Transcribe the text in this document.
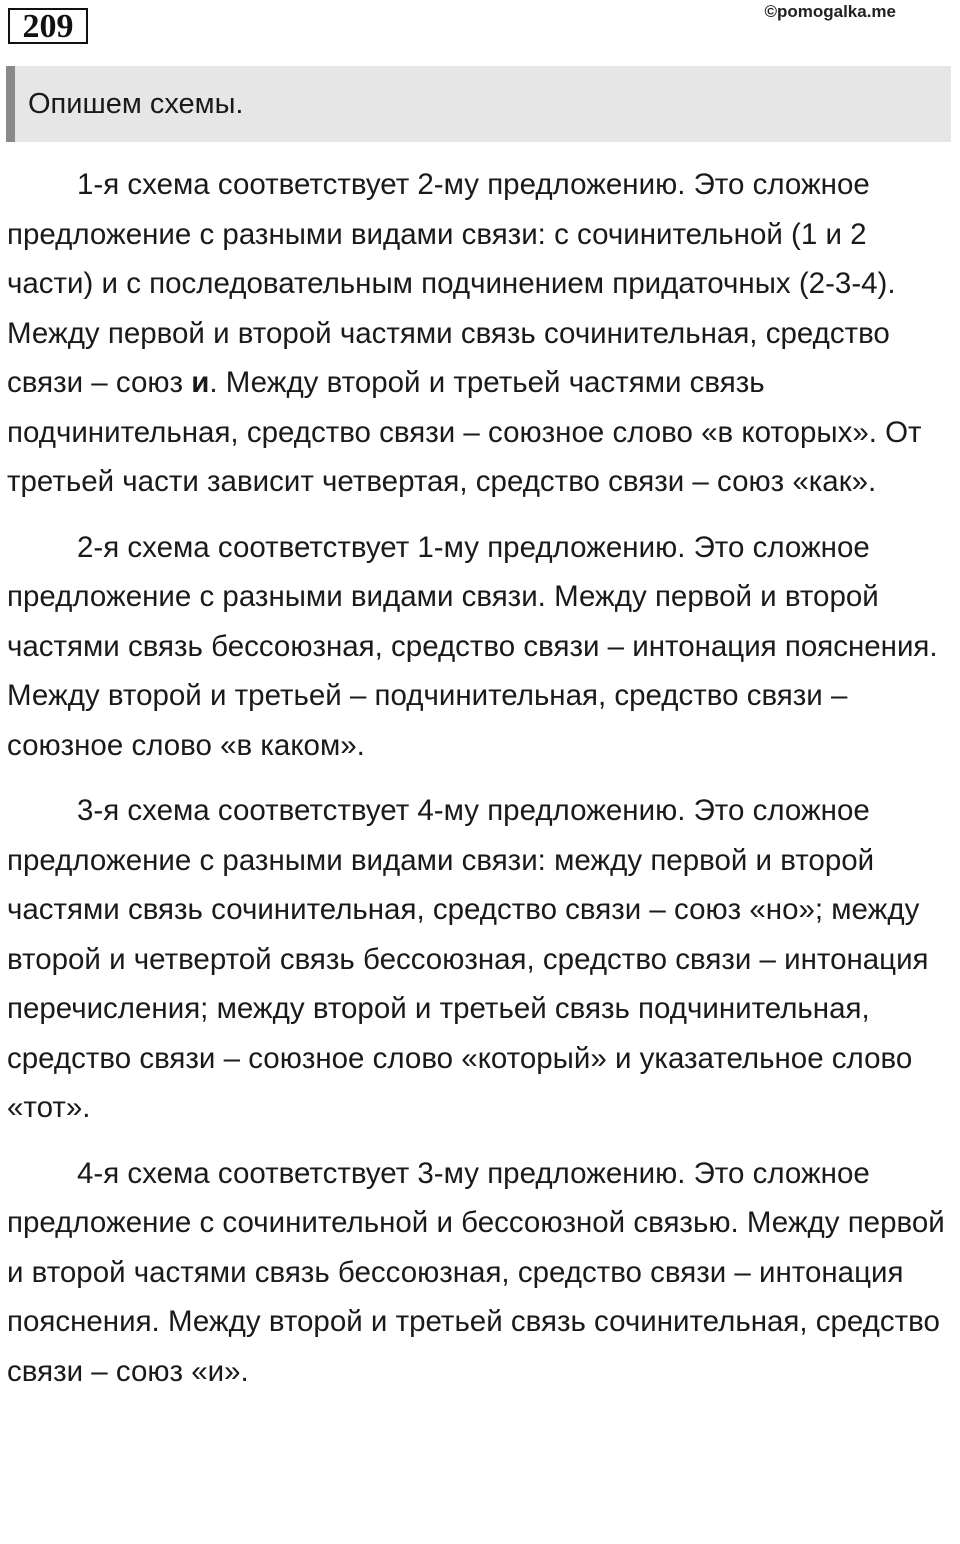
209	©pomogalka.me
Опишем схемы.

1-я схема соответствует 2-му предложению. Это сложное предложение с разными видами связи: с сочинительной (1 и 2 части) и с последовательным подчинением придаточных (2-3-4). Между первой и второй частями связь сочинительная, средство связи – союз и. Между второй и третьей частями связь подчинительная, средство связи – союзное слово «в которых». От третьей части зависит четвертая, средство связи – союз «как».

2-я схема соответствует 1-му предложению. Это сложное предложение с разными видами связи. Между первой и второй частями связь бессоюзная, средство связи – интонация пояснения. Между второй и третьей – подчинительная, средство связи – союзное слово «в каком».

3-я схема соответствует 4-му предложению. Это сложное предложение с разными видами связи: между первой и второй частями связь сочинительная, средство связи – союз «но»; между второй и четвертой связь бессоюзная, средство связи – интонация перечисления; между второй и третьей связь подчинительная, средство связи – союзное слово «который» и указательное слово «тот».

4-я схема соответствует 3-му предложению. Это сложное предложение с сочинительной и бессоюзной связью. Между первой и второй частями связь бессоюзная, средство связи – интонация пояснения. Между второй и третьей связь сочинительная, средство связи – союз «и».
